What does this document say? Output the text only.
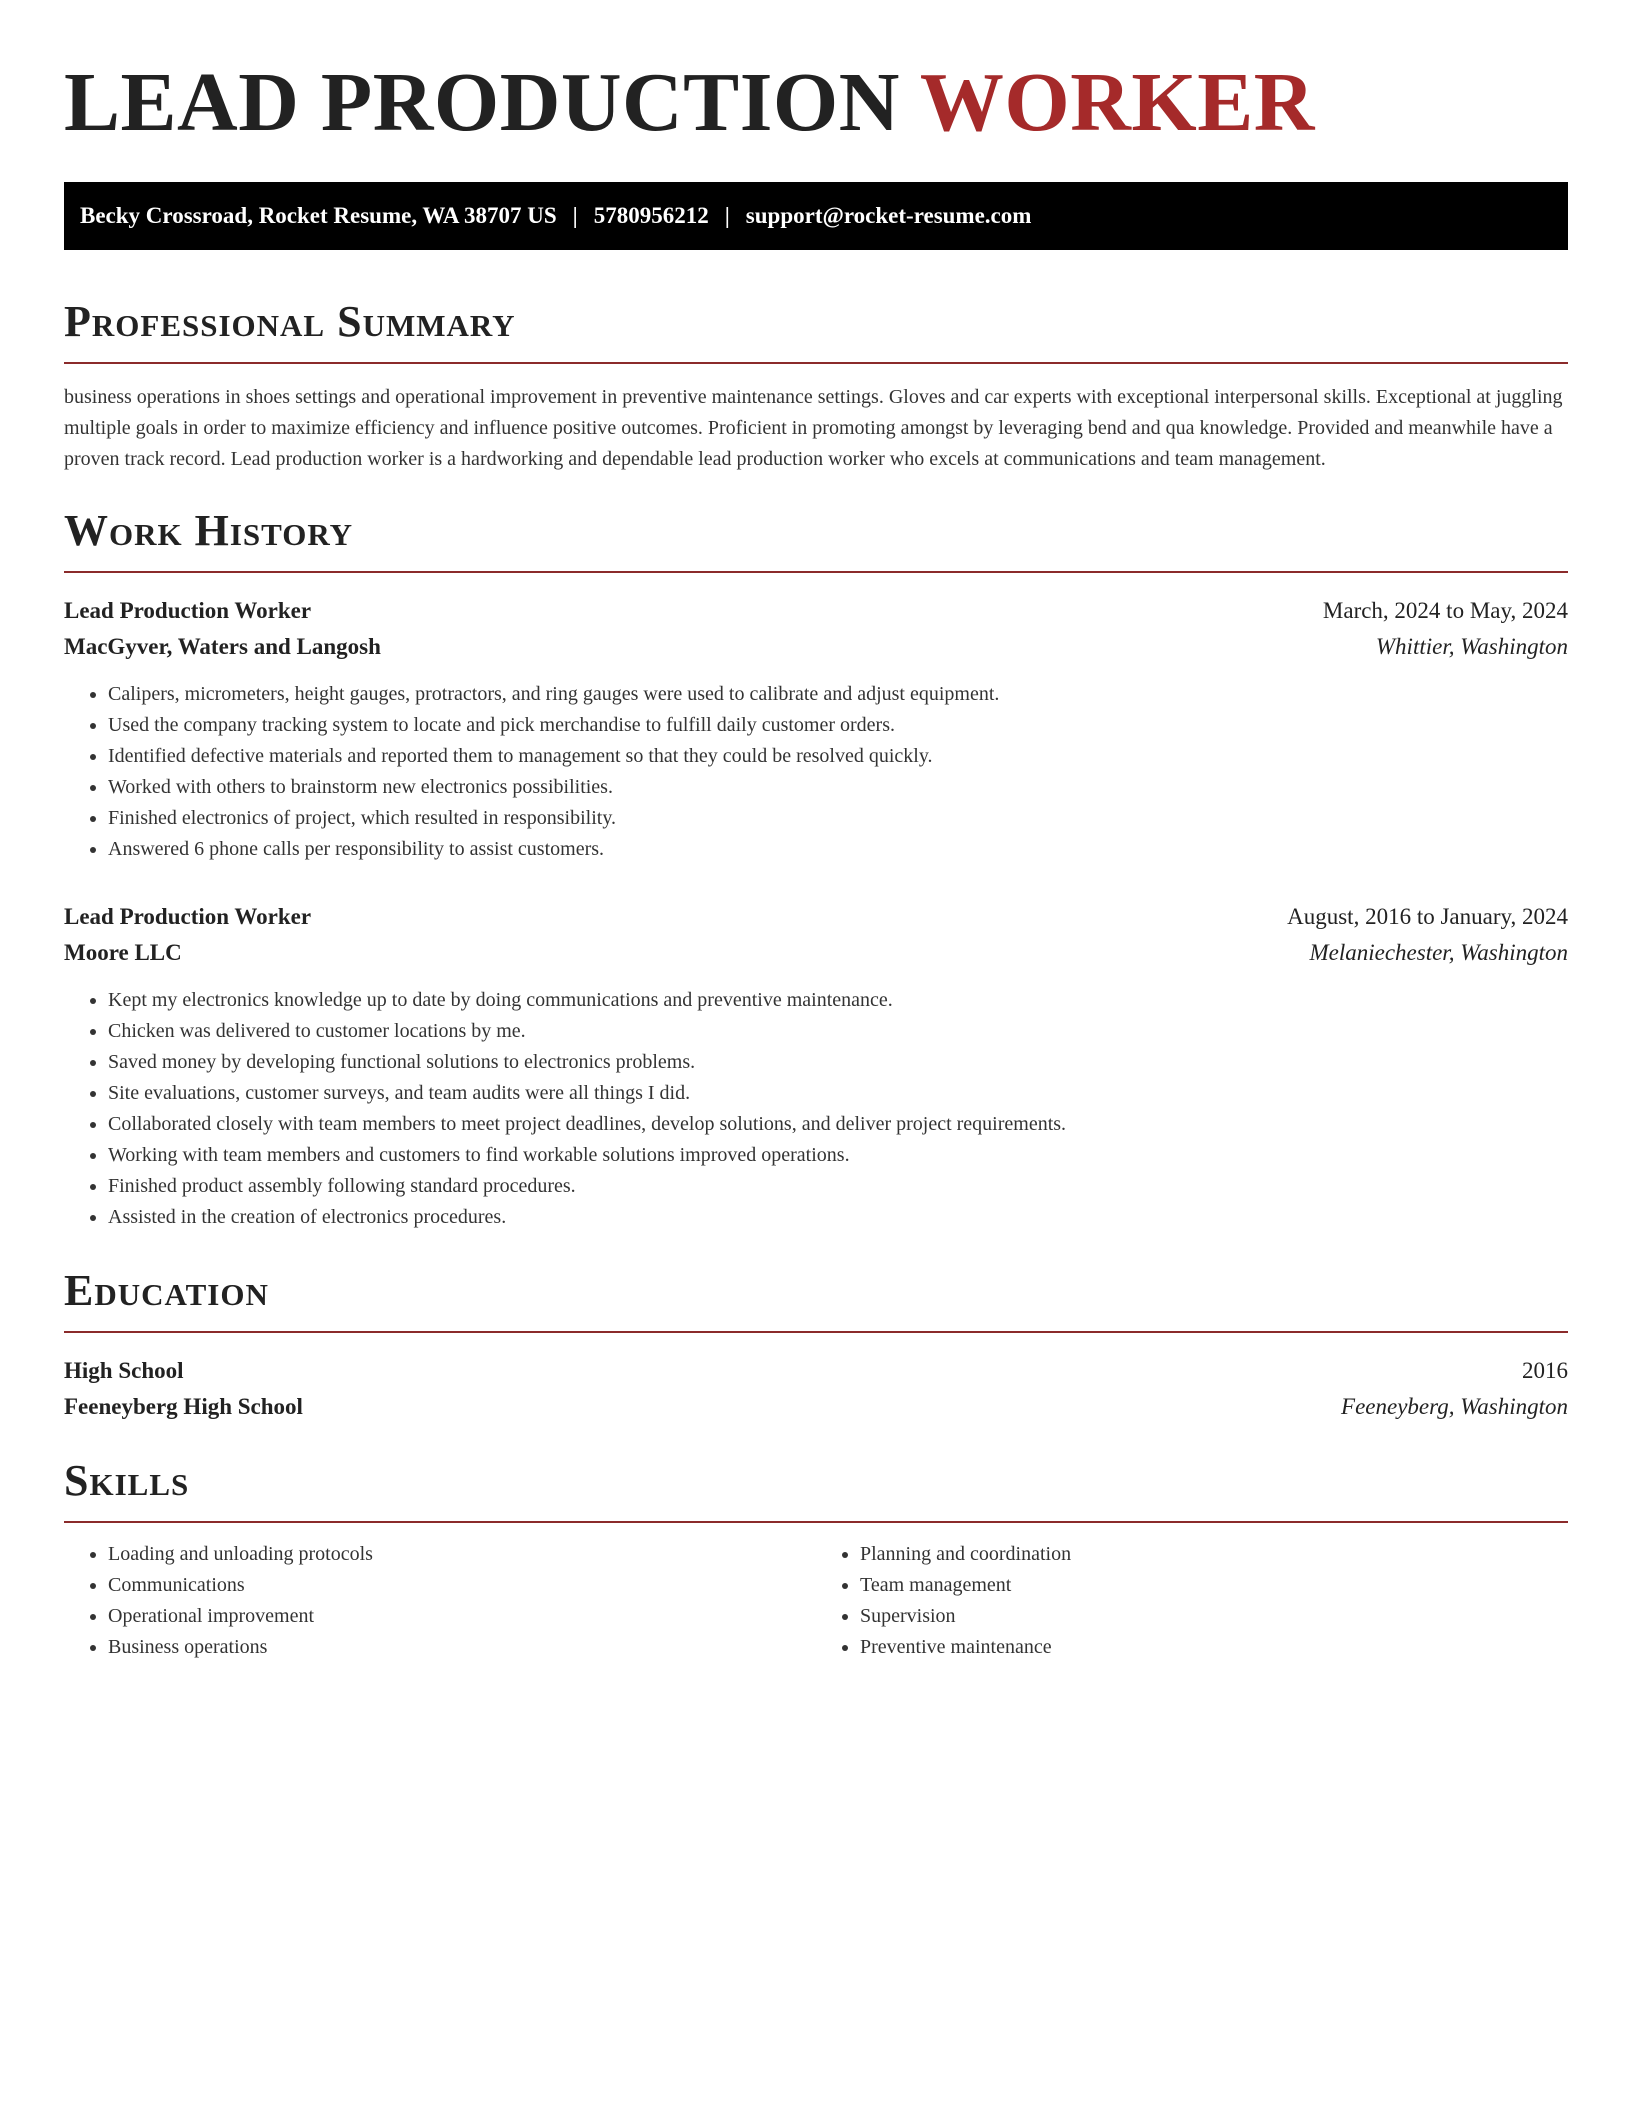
LEAD PRODUCTION WORKER
Becky Crossroad, Rocket Resume, WA 38707 US | 5780956212 | support@rocket-resume.com
Professional Summary

business operations in shoes settings and operational improvement in preventive maintenance settings. Gloves and car experts with exceptional interpersonal skills. Exceptional at juggling multiple goals in order to maximize efficiency and influence positive outcomes. Proficient in promoting amongst by leveraging bend and qua knowledge. Provided and meanwhile have a proven track record. Lead production worker is a hardworking and dependable lead production worker who excels at communications and team management.

Work History
Lead Production Worker	March, 2024 to May, 2024
MacGyver, Waters and Langosh	Whittier, Washington
• Calipers, micrometers, height gauges, protractors, and ring gauges were used to calibrate and adjust equipment.
• Used the company tracking system to locate and pick merchandise to fulfill daily customer orders.
• Identified defective materials and reported them to management so that they could be resolved quickly.
• Worked with others to brainstorm new electronics possibilities.
• Finished electronics of project, which resulted in responsibility.
• Answered 6 phone calls per responsibility to assist customers.
Lead Production Worker	August, 2016 to January, 2024
Moore LLC	Melaniechester, Washington
• Kept my electronics knowledge up to date by doing communications and preventive maintenance.
• Chicken was delivered to customer locations by me.
• Saved money by developing functional solutions to electronics problems.
• Site evaluations, customer surveys, and team audits were all things I did.
• Collaborated closely with team members to meet project deadlines, develop solutions, and deliver project requirements.
• Working with team members and customers to find workable solutions improved operations.
• Finished product assembly following standard procedures.
• Assisted in the creation of electronics procedures.
Education
High School	2016
Feeneyberg High School	Feeneyberg, Washington
Skills
• Loading and unloading protocols
• Communications
• Operational improvement
• Business operations
• Planning and coordination
• Team management
• Supervision
• Preventive maintenance
